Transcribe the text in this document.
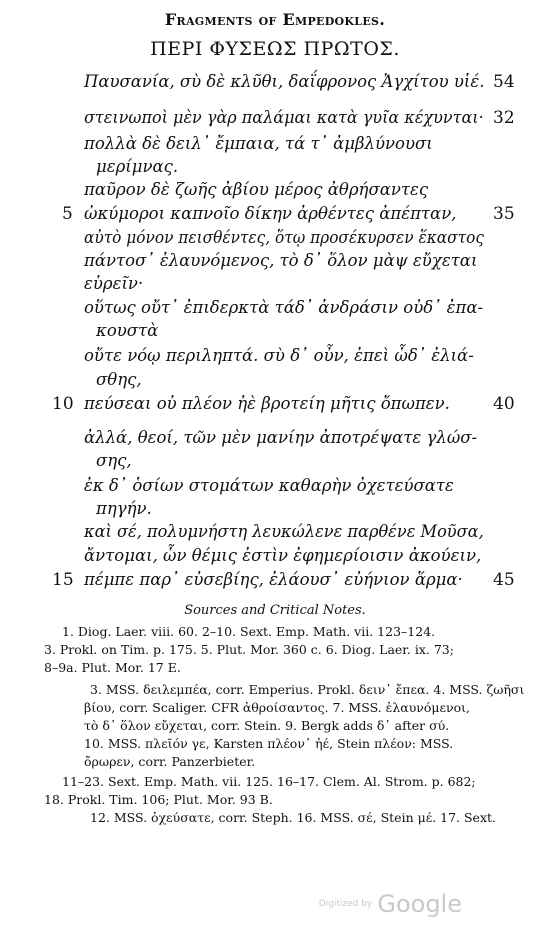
Fragments of Empedokles.
ΠΕΡΙ ΦΥΣΕΩΣ ΠΡΩΤΟΣ.
Παυσανία, σὺ δὲ κλῦθι, δαΐφρονος Ἀγχίτου υἱέ.
στεινωποὶ μὲν γὰρ παλάμαι κατὰ γυῖα κέχυνται·
πολλὰ δὲ δειλ᾽ ἔμπαια, τά τ᾽ ἀμβλύνουσι
μερίμνας.
παῦρον δὲ ζωῆς ἀβίου μέρος ἀθρήσαντες
ὠκύμοροι καπνοῖο δίκην ἀρθέντες ἀπέπταν,
αὐτὸ μόνον πεισθέντες, ὅτῳ προσέκυρσεν ἕκαστος
πάντοσ᾽ ἐλαυνόμενος, τὸ δ᾽ ὅλον μὰψ εὔχεται
εὑρεῖν·
οὕτως οὔτ᾽ ἐπιδερκτὰ τάδ᾽ ἀνδράσιν οὐδ᾽ ἐπα-
κουστὰ
οὔτε νόῳ περιληπτά. σὺ δ᾽ οὖν, ἐπεὶ ὧδ᾽ ἐλιά-
σθης,
πεύσεαι οὐ πλέον ἠὲ βροτείη μῆτις ὄπωπεν.
ἀλλά, θεοί, τῶν μὲν μανίην ἀποτρέψατε γλώσ-
σης,
ἐκ δ᾽ ὁσίων στομάτων καθαρὴν ὀχετεύσατε
πηγήν.
καὶ σέ, πολυμνήστη λευκώλενε παρθένε Μοῦσα,
ἄντομαι, ὧν θέμις ἐστὶν ἐφημερίοισιν ἀκούειν,
πέμπε παρ᾽ εὐσεβίης, ἐλάουσ᾽ εὐήνιον ἅρμα·
5
10
15
54
32
35
40
45
Sources and Critical Notes.
1. Diog. Laer. viii. 60. 2–10. Sext. Emp. Math. vii. 123–124.
3. Prokl. on Tim. p. 175. 5. Plut. Mor. 360 c. 6. Diog. Laer. ix. 73;
8–9a. Plut. Mor. 17 E.
3. MSS. δειλεμπέα, corr. Emperius. Prokl. δειν᾽ ἔπεα. 4. MSS. ζωῆσι
βίου, corr. Scaliger. CFR ἀθροίσαντος. 7. MSS. ἐλαυνόμενοι,
τὸ δ᾽ ὅλον εὔχεται, corr. Stein. 9. Bergk adds δ᾽ after σύ.
10. MSS. πλεῖόν γε, Karsten πλέον᾽ ἠέ, Stein πλέον: MSS.
ὄρωρεν, corr. Panzerbieter.
11–23. Sext. Emp. Math. vii. 125. 16–17. Clem. Al. Strom. p. 682;
18. Prokl. Tim. 106; Plut. Mor. 93 B.
12. MSS. ὀχεύσατε, corr. Steph. 16. MSS. σέ, Stein μέ. 17. Sext.
Digitized by Google
